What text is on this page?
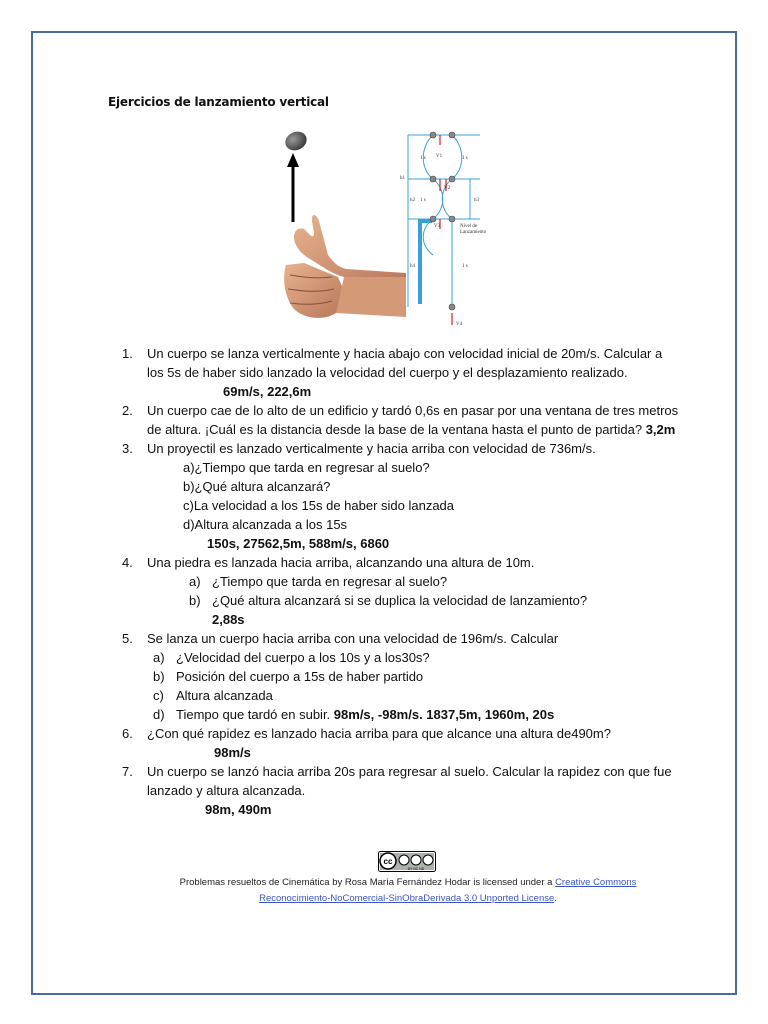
Ejercicios de lanzamiento vertical
1 s	1 s
1 s
1 s
h1
h2	h3
h4
V1
V2
V3
V4
Nivel de
Lanzamiento
1. Un cuerpo se lanza verticalmente y hacia abajo con velocidad inicial de 20m/s. Calcular a los 5s de haber sido lanzado la velocidad del cuerpo y el desplazamiento realizado. 69m/s, 222,6m
2. Un cuerpo cae de lo alto de un edificio y tardó 0,6s en pasar por una ventana de tres metros de altura. ¡Cuál es la distancia desde la base de la ventana hasta el punto de partida? 3,2m
3. Un proyectil es lanzado verticalmente y hacia arriba con velocidad de 736m/s.
a)¿Tiempo que tarda en regresar al suelo?
b)¿Qué altura alcanzará?
c)La velocidad a los 15s de haber sido lanzada
d)Altura alcanzada a los 15s
150s, 27562,5m, 588m/s, 6860
4. Una piedra es lanzada hacia arriba, alcanzando una altura de 10m.
a) ¿Tiempo que tarda en regresar al suelo?
b) ¿Qué altura alcanzará si se duplica la velocidad de lanzamiento?
2,88s
5. Se lanza un cuerpo hacia arriba con una velocidad de 196m/s. Calcular
a) ¿Velocidad del cuerpo a los 10s y a los30s?
b) Posición del cuerpo a 15s de haber partido
c) Altura alcanzada
d) Tiempo que tardó en subir. 98m/s, -98m/s. 1837,5m, 1960m, 20s
6. ¿Con qué rapidez es lanzado hacia arriba para que alcance una altura de490m?
98m/s
7. Un cuerpo se lanzó hacia arriba 20s para regresar al suelo. Calcular la rapidez con que fue lanzado y altura alcanzada.
98m, 490m
cc
BY NC ND
Problemas resueltos de Cinemática by Rosa María Fernández Hodar is licensed under a Creative Commons
Reconocimiento-NoComercial-SinObraDerivada 3.0 Unported License.
